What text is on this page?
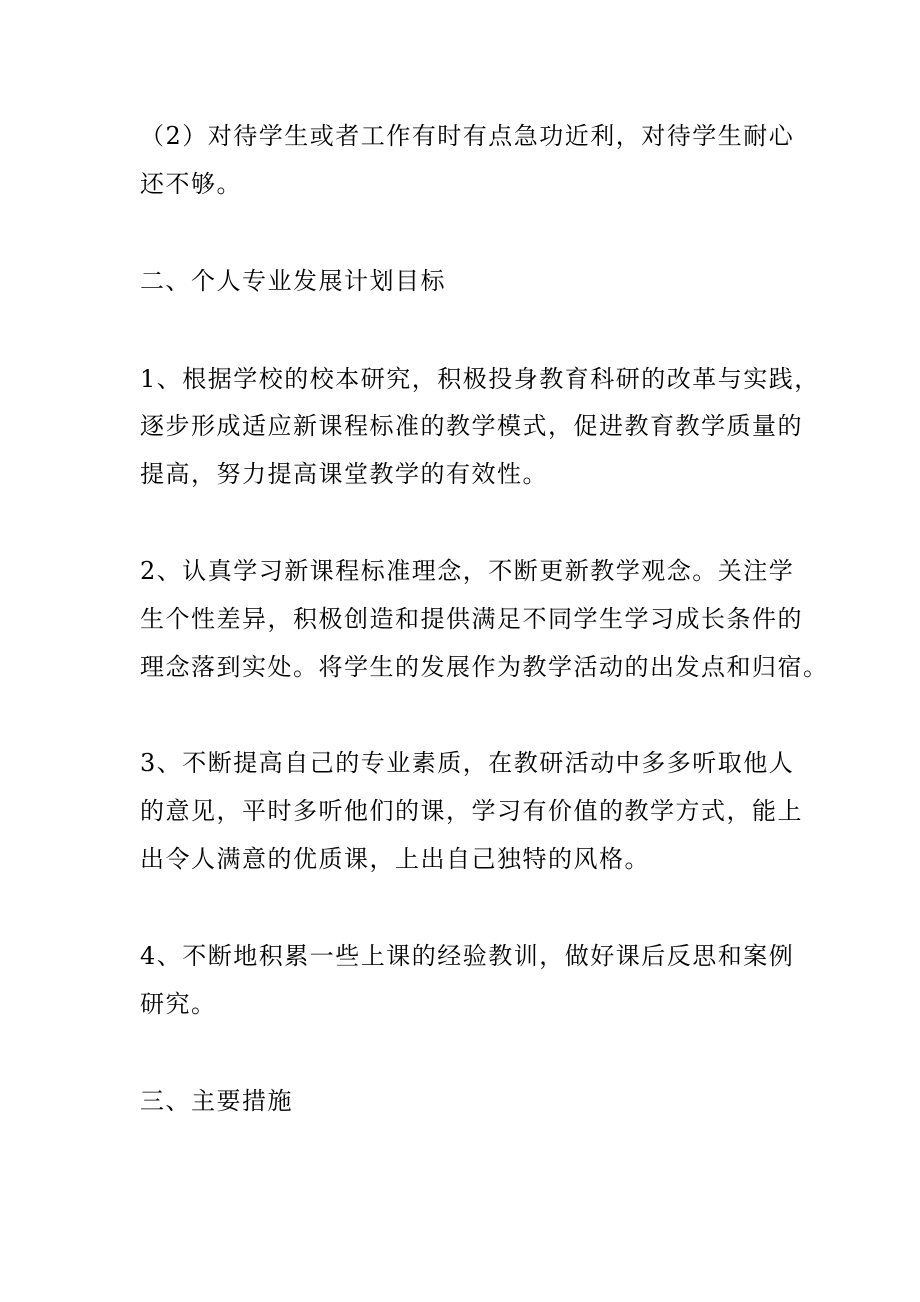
（2）对待学生或者工作有时有点急功近利，对待学生耐心
还不够。
二、个人专业发展计划目标
1、根据学校的校本研究，积极投身教育科研的改革与实践，
逐步形成适应新课程标准的教学模式，促进教育教学质量的
提高，努力提高课堂教学的有效性。
2、认真学习新课程标准理念，不断更新教学观念。关注学
生个性差异，积极创造和提供满足不同学生学习成长条件的
理念落到实处。将学生的发展作为教学活动的出发点和归宿。
3、不断提高自己的专业素质，在教研活动中多多听取他人
的意见，平时多听他们的课，学习有价值的教学方式，能上
出令人满意的优质课，上出自己独特的风格。
4、不断地积累一些上课的经验教训，做好课后反思和案例
研究。
三、主要措施
